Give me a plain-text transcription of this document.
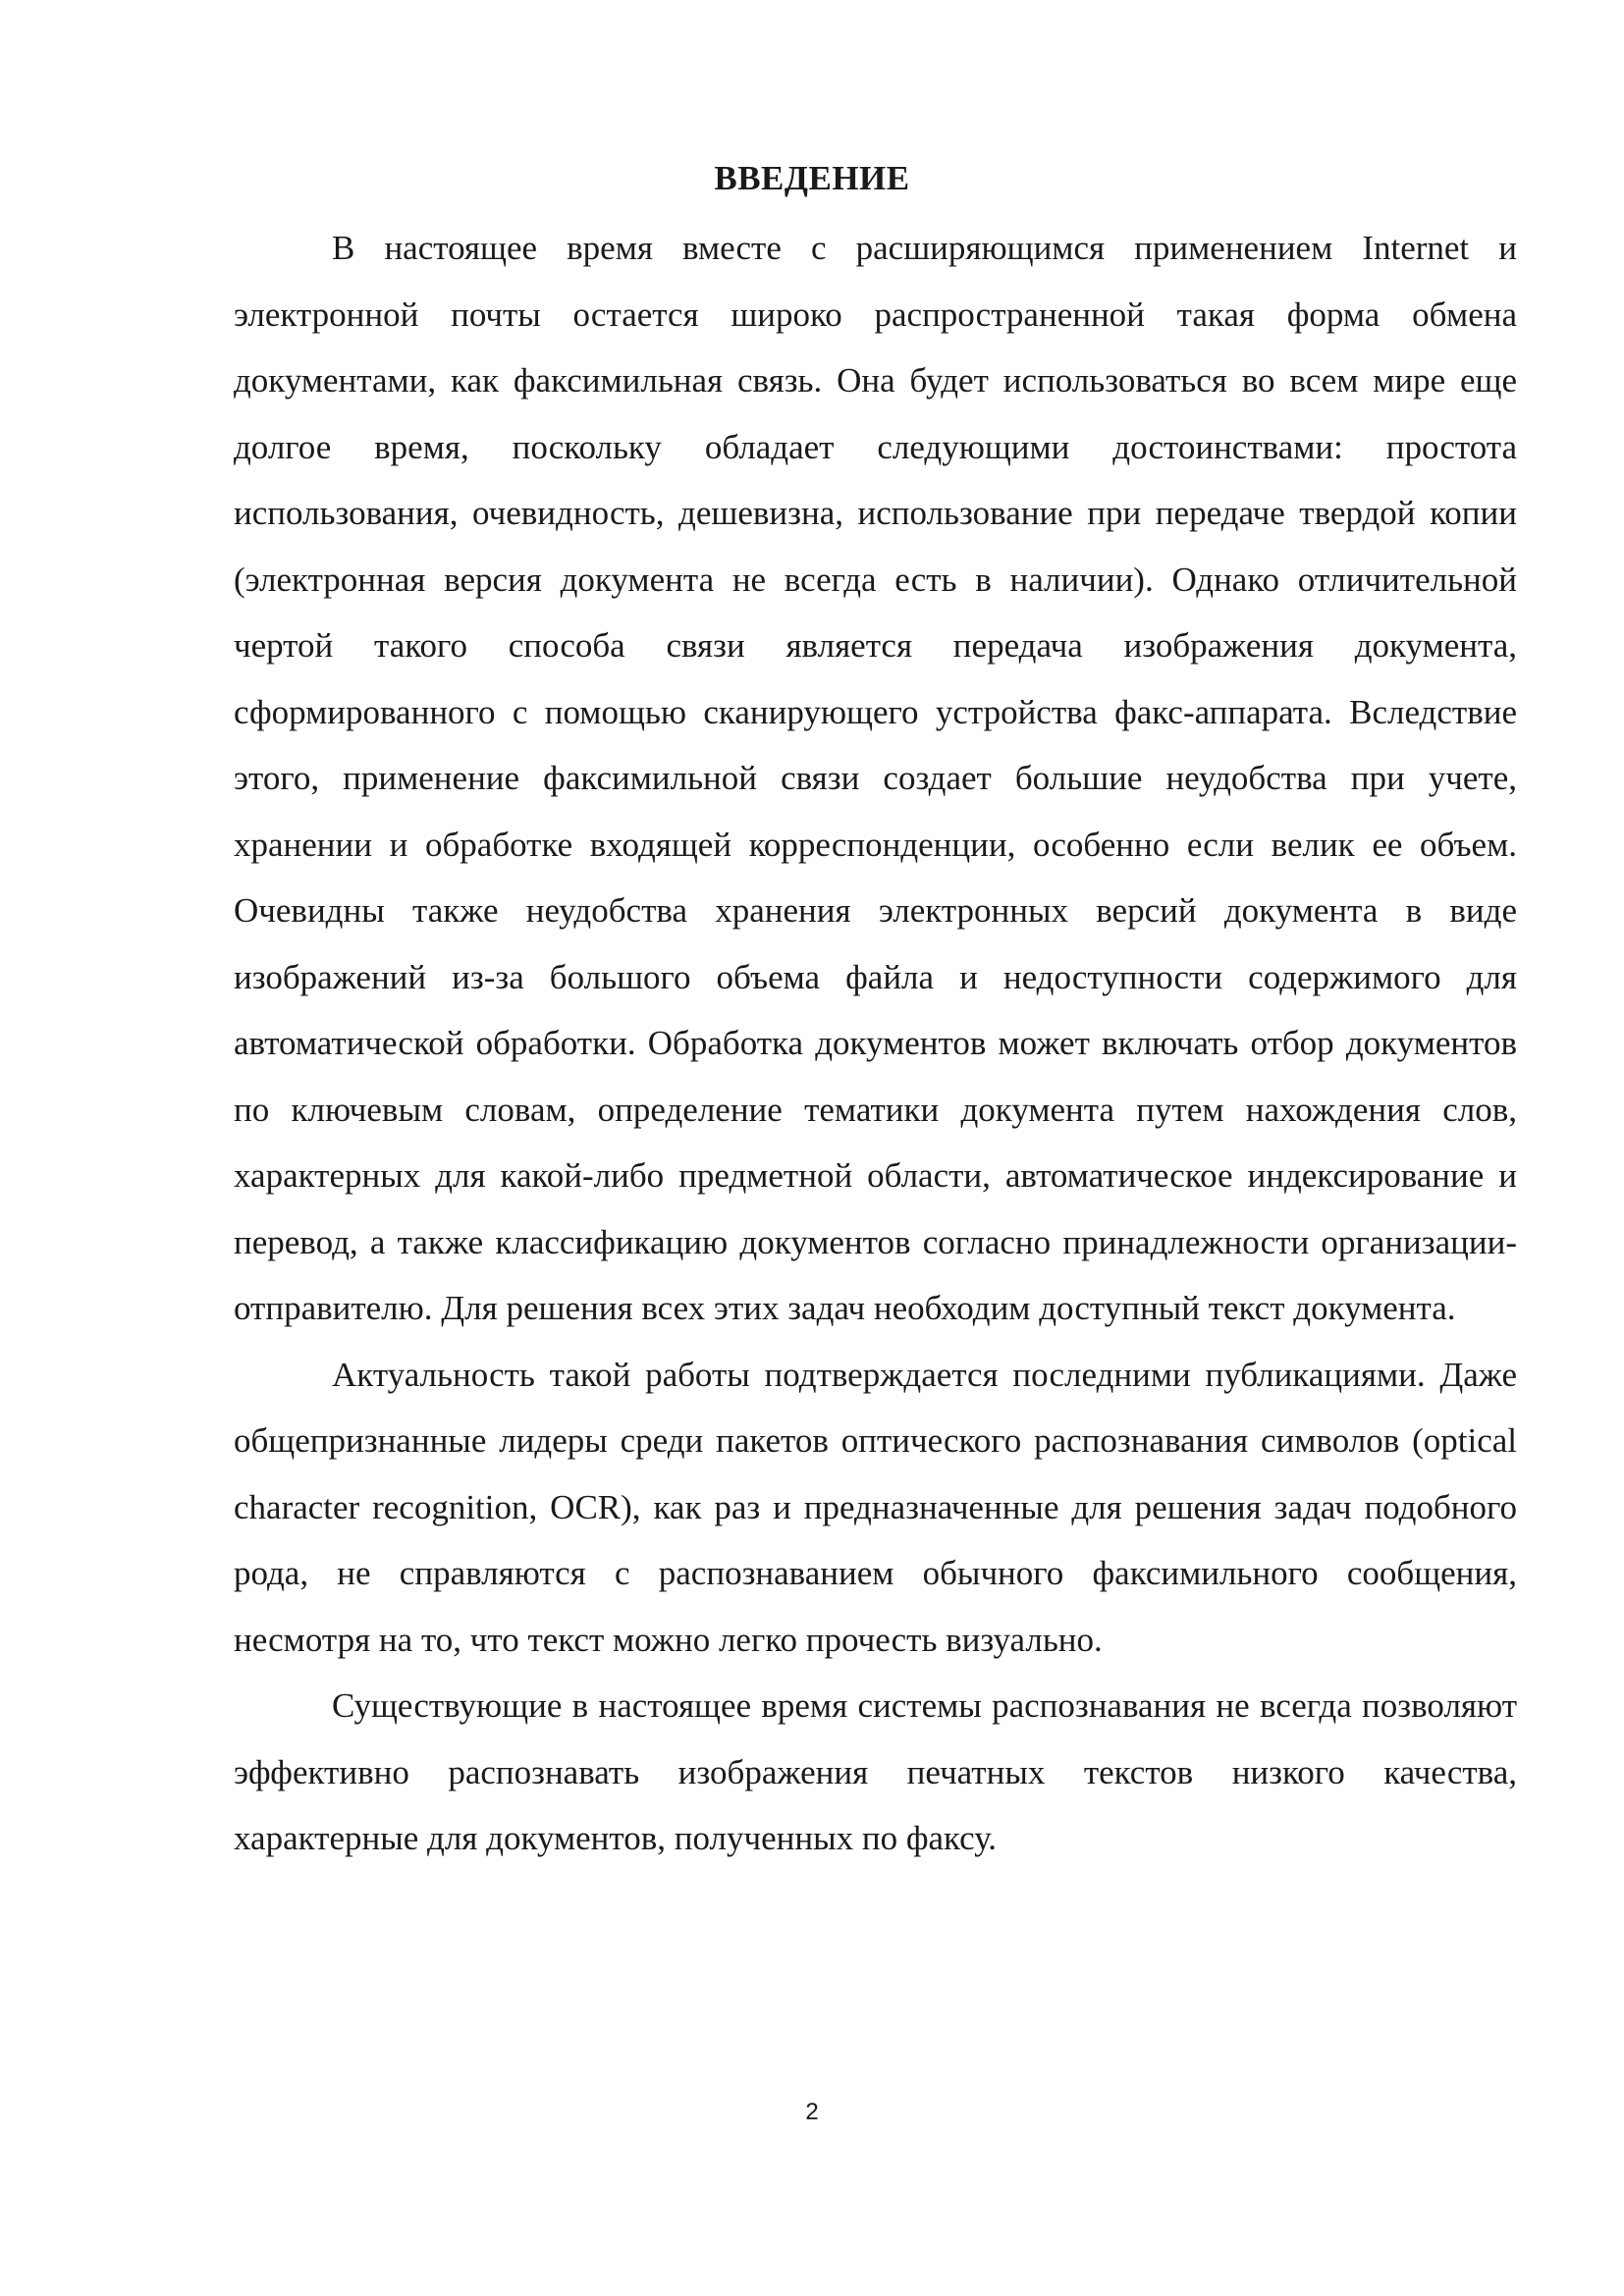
ВВЕДЕНИЕ

В настоящее время вместе с расширяющимся применением Internet и электронной почты остается широко распространенной такая форма обмена документами, как факсимильная связь. Она будет использоваться во всем мире еще долгое время, поскольку обладает следующими достоинствами: простота использования, очевидность, дешевизна, использование при передаче твердой копии (электронная версия документа не всегда есть в наличии). Однако отличительной чертой такого способа связи является передача изображения документа, сформированного с помощью сканирующего устройства факс-аппарата. Вследствие этого, применение факсимильной связи создает большие неудобства при учете, хранении и обработке входящей корреспонденции, особенно если велик ее объем. Очевидны также неудобства хранения электронных версий документа в виде изображений из-за большого объема файла и недоступности содержимого для автоматической обработки. Обработка документов может включать отбор документов по ключевым словам, определение тематики документа путем нахождения слов, характерных для какой-либо предметной области, автоматическое индексирование и перевод, а также классификацию документов согласно принадлежности организации-отправителю. Для решения всех этих задач необходим доступный текст документа.

Актуальность такой работы подтверждается последними публикациями. Даже общепризнанные лидеры среди пакетов оптического распознавания символов (optical character recognition, OCR), как раз и предназначенные для решения задач подобного рода, не справляются с распознаванием обычного факсимильного сообщения, несмотря на то, что текст можно легко прочесть визуально.

Существующие в настоящее время системы распознавания не всегда позволяют эффективно распознавать изображения печатных текстов низкого качества, характерные для документов, полученных по факсу.

2
